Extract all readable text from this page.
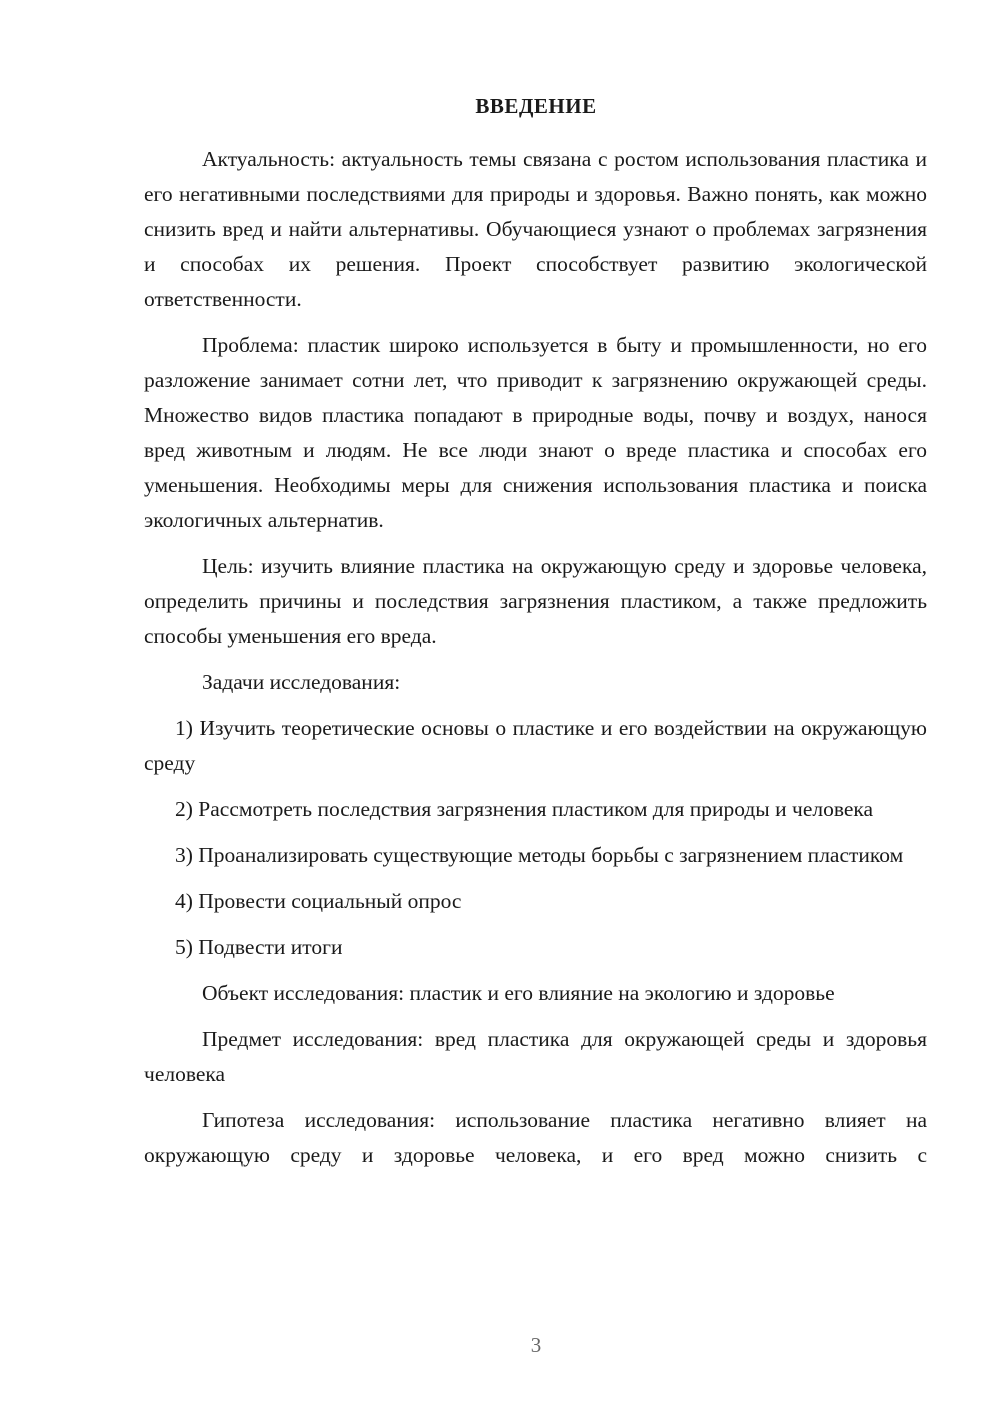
ВВЕДЕНИЕ

Актуальность: актуальность темы связана с ростом использования пластика и его негативными последствиями для природы и здоровья. Важно понять, как можно снизить вред и найти альтернативы. Обучающиеся узнают о проблемах загрязнения и способах их решения. Проект способствует развитию экологической ответственности.

Проблема: пластик широко используется в быту и промышленности, но его разложение занимает сотни лет, что приводит к загрязнению окружающей среды. Множество видов пластика попадают в природные воды, почву и воздух, нанося вред животным и людям. Не все люди знают о вреде пластика и способах его уменьшения. Необходимы меры для снижения использования пластика и поиска экологичных альтернатив.

Цель: изучить влияние пластика на окружающую среду и здоровье человека, определить причины и последствия загрязнения пластиком, а также предложить способы уменьшения его вреда.

Задачи исследования:

1) Изучить теоретические основы о пластике и его воздействии на окружающую среду

2) Рассмотреть последствия загрязнения пластиком для природы и человека

3) Проанализировать существующие методы борьбы с загрязнением пластиком

4) Провести социальный опрос

5) Подвести итоги

Объект исследования: пластик и его влияние на экологию и здоровье

Предмет исследования: вред пластика для окружающей среды и здоровья человека

Гипотеза исследования: использование пластика негативно влияет на окружающую среду и здоровье человека, и его вред можно снизить с

3
